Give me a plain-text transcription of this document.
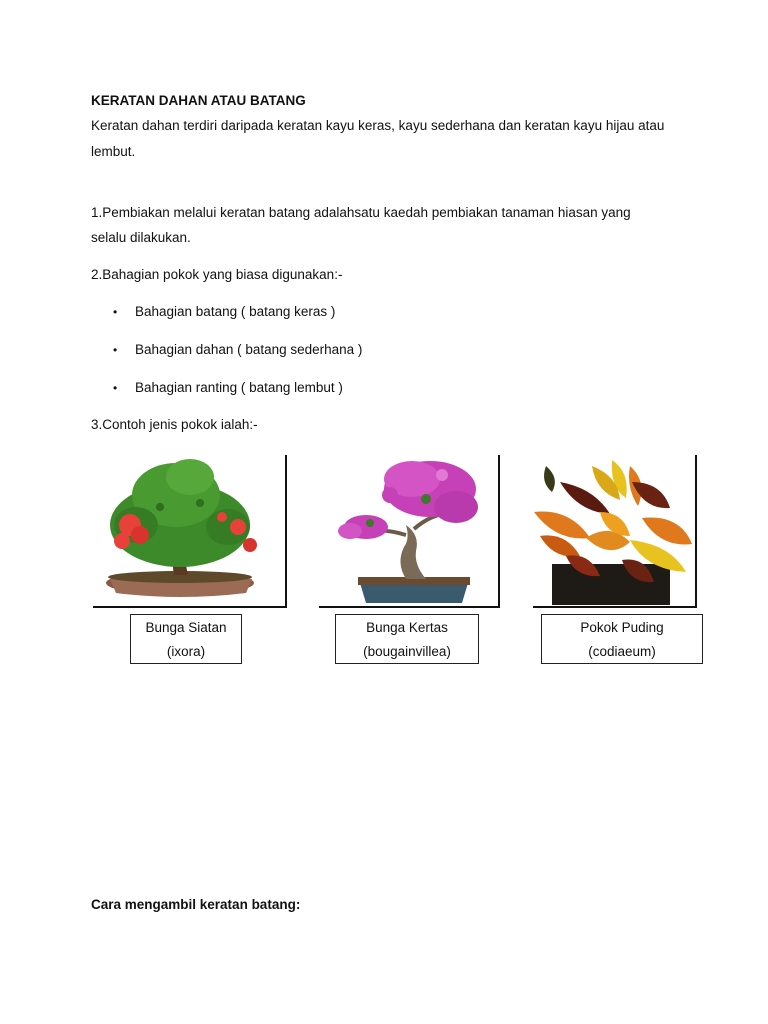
KERATAN DAHAN ATAU BATANG
Keratan dahan terdiri daripada keratan kayu keras, kayu sederhana dan keratan kayu hijau atau
lembut.
1.Pembiakan melalui keratan batang adalahsatu kaedah pembiakan tanaman hiasan yang
selalu dilakukan.
2.Bahagian pokok yang biasa digunakan:-
• Bahagian batang ( batang keras )
• Bahagian dahan ( batang sederhana )
• Bahagian ranting ( batang lembut )
3.Contoh jenis pokok ialah:-
Bunga Siatan
(ixora)
Bunga Kertas
(bougainvillea)
Pokok Puding
(codiaeum)
Cara mengambil keratan batang:
